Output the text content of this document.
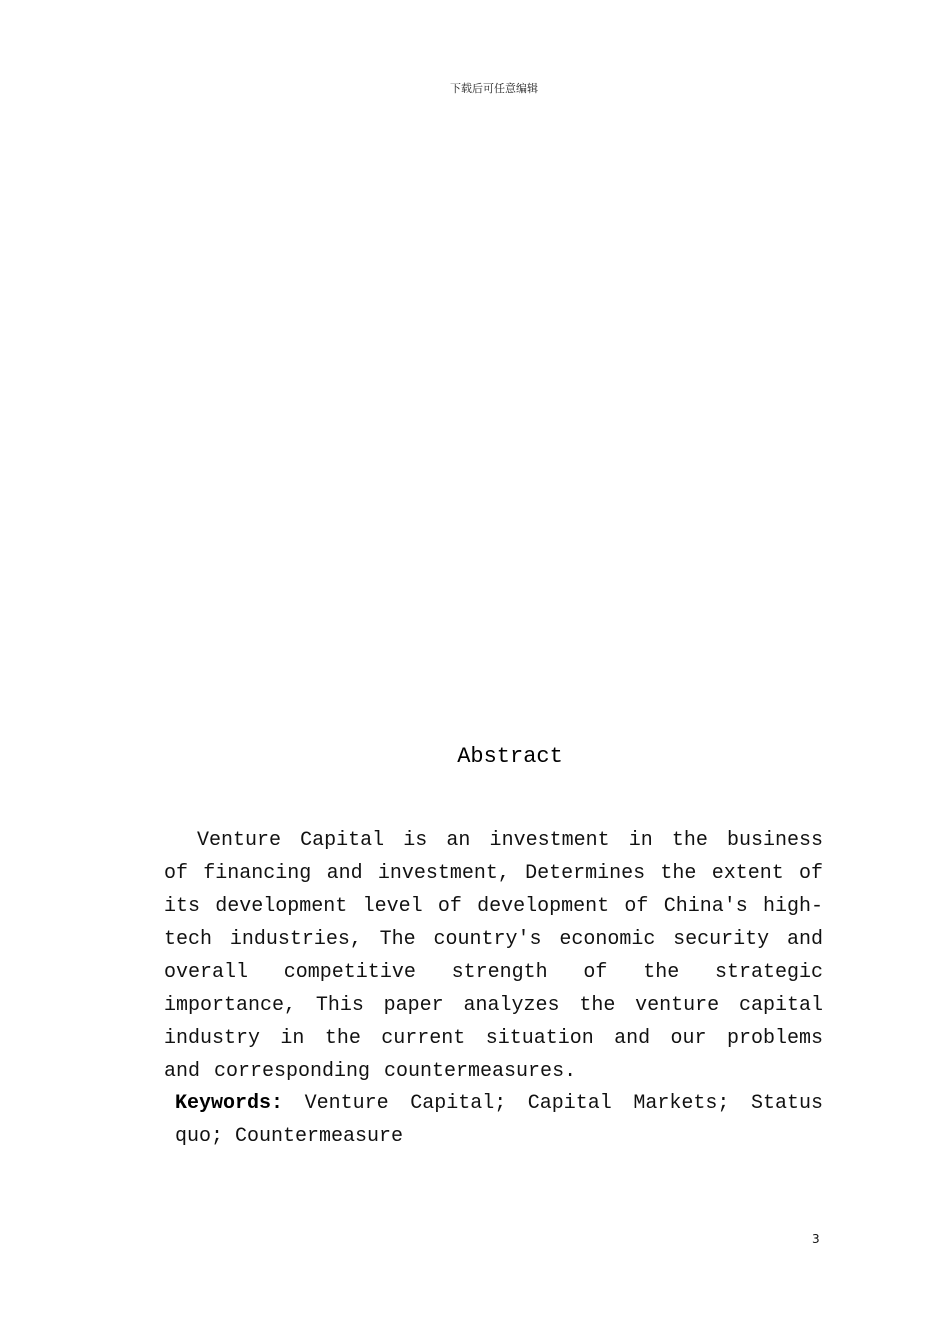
下载后可任意编辑
Abstract
Venture Capital is an investment in the business of financing and investment, Determines the extent of its development level of development of China's high-tech industries, The country's economic security and overall competitive strength of the strategic importance, This paper analyzes the venture capital industry in the current situation and our problems and corresponding countermeasures.
Keywords: Venture Capital; Capital Markets; Status quo; Countermeasure
3
